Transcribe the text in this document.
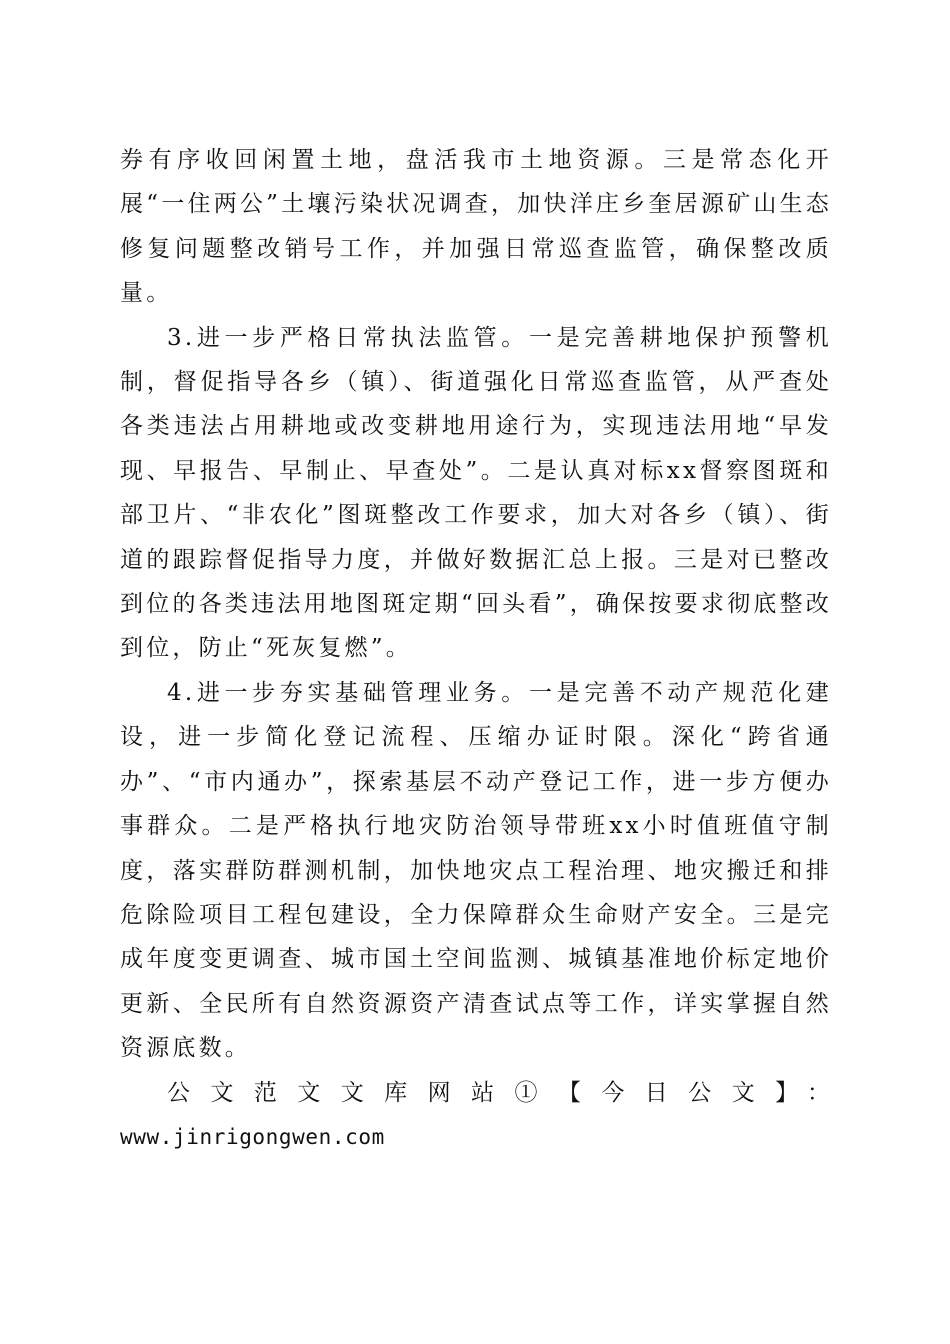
券有序收回闲置土地，盘活我市土地资源。三是常态化开展“一住两公”土壤污染状况调查，加快洋庄乡奎居源矿山生态修复问题整改销号工作，并加强日常巡查监管，确保整改质量。

3.进一步严格日常执法监管。一是完善耕地保护预警机制，督促指导各乡（镇）、街道强化日常巡查监管，从严查处各类违法占用耕地或改变耕地用途行为，实现违法用地“早发现、早报告、早制止、早查处”。二是认真对标xx督察图斑和部卫片、“非农化”图斑整改工作要求，加大对各乡（镇）、街道的跟踪督促指导力度，并做好数据汇总上报。三是对已整改到位的各类违法用地图斑定期“回头看”，确保按要求彻底整改到位，防止“死灰复燃”。

4.进一步夯实基础管理业务。一是完善不动产规范化建设，进一步简化登记流程、压缩办证时限。深化“跨省通办”、“市内通办”，探索基层不动产登记工作，进一步方便办事群众。二是严格执行地灾防治领导带班xx小时值班值守制度，落实群防群测机制，加快地灾点工程治理、地灾搬迁和排危除险项目工程包建设，全力保障群众生命财产安全。三是完成年度变更调查、城市国土空间监测、城镇基准地价标定地价更新、全民所有自然资源资产清查试点等工作，详实掌握自然资源底数。

公文范文文库网站①【今日公文】：

www.jinrigongwen.com
